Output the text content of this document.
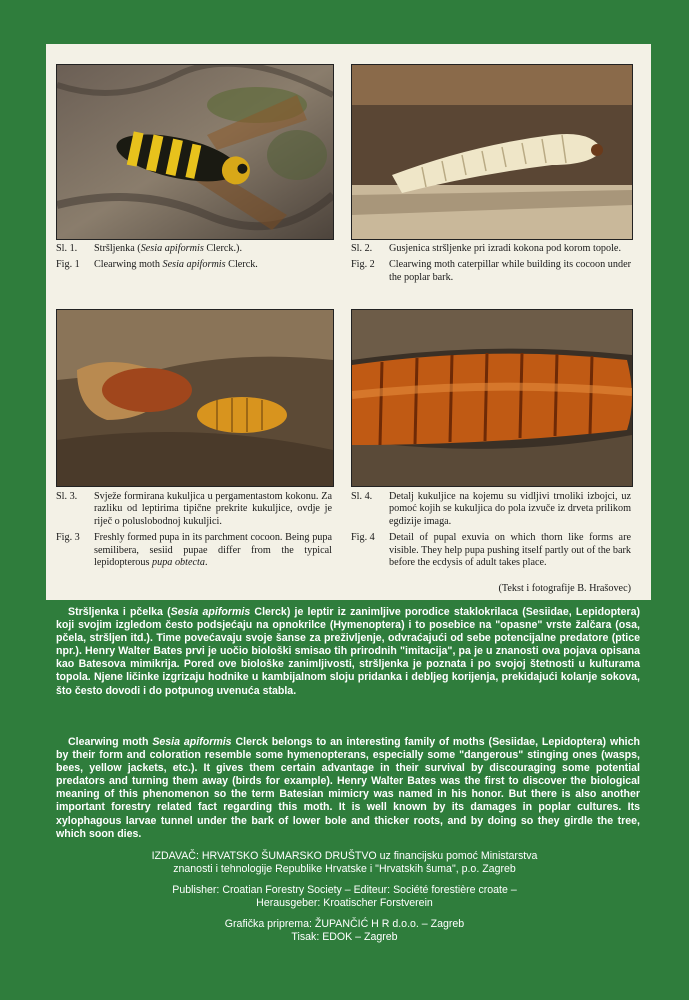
Sl. 1.	Stršljenka (Sesia apiformis Clerck.).
Fig. 1	Clearwing moth Sesia apiformis Clerck.
Sl. 2.	Gusjenica stršljenke pri izradi kokona pod korom topole.
Fig. 2	Clearwing moth caterpillar while building its cocoon under the poplar bark.
Sl. 3.	Svježe formirana kukuljica u pergamentastom kokonu. Za razliku od leptirima tipične prekrite kukuljice, ovdje je riječ o poluslobodnoj kukuljici.
Fig. 3	Freshly formed pupa in its parchment cocoon. Being pupa semilibera, sesiid pupae differ from the typical lepidopterous pupa obtecta.
Sl. 4.	Detalj kukuljice na kojemu su vidljivi trnoliki izbojci, uz pomoć kojih se kukuljica do pola izvuče iz drveta prilikom egdizije imaga.
Fig. 4	Detail of pupal exuvia on which thorn like forms are visible. They help pupa pushing itself partly out of the bark before the ecdysis of adult takes place.
(Tekst i fotografije B. Hrašovec)

Stršljenka i pčelka (Sesia apiformis Clerck) je leptir iz zanimljive porodice staklokrilaca (Sesiidae, Lepidoptera) koji svojim izgledom često podsjećaju na opnokrilce (Hymenoptera) i to posebice na "opasne" vrste žalčara (osa, pčela, stršljen itd.). Time povećavaju svoje šanse za preživljenje, odvraćajući od sebe potencijalne predatore (ptice npr.). Henry Walter Bates prvi je uočio biološki smisao tih prirodnih "imitacija", pa je u znanosti ova pojava opisana kao Batesova mimikrija. Pored ove biološke zanimljivosti, stršljenka je poznata i po svojoj štetnosti u kulturama topola. Njene ličinke izgrizaju hodnike u kambijalnom sloju pridanka i debljeg korijenja, prekidajući kolanje sokova, što često dovodi i do potpunog uvenuća stabla.

Clearwing moth Sesia apiformis Clerck belongs to an interesting family of moths (Sesiidae, Lepidoptera) which by their form and coloration resemble some hymenopterans, especially some "dangerous" stinging ones (wasps, bees, yellow jackets, etc.). It gives them certain advantage in their survival by discouraging some potential predators and turning them away (birds for example). Henry Walter Bates was the first to discover the biological meaning of this phenomenon so the term Batesian mimicry was named in his honor. But there is also another important forestry related fact regarding this moth. It is well known by its damages in poplar cultures. Its xylophagous larvae tunnel under the bark of lower bole and thicker roots, and by doing so they girdle the tree, which soon dies.

IZDAVAČ: HRVATSKO ŠUMARSKO DRUŠTVO uz financijsku pomoć Ministarstva

znanosti i tehnologije Republike Hrvatske i "Hrvatskih šuma", p.o. Zagreb

Publisher: Croatian Forestry Society – Editeur: Société forestière croate –

Herausgeber: Kroatischer Forstverein

Grafička priprema: ŽUPANČIĆ H R d.o.o. – Zagreb

Tisak: EDOK – Zagreb
